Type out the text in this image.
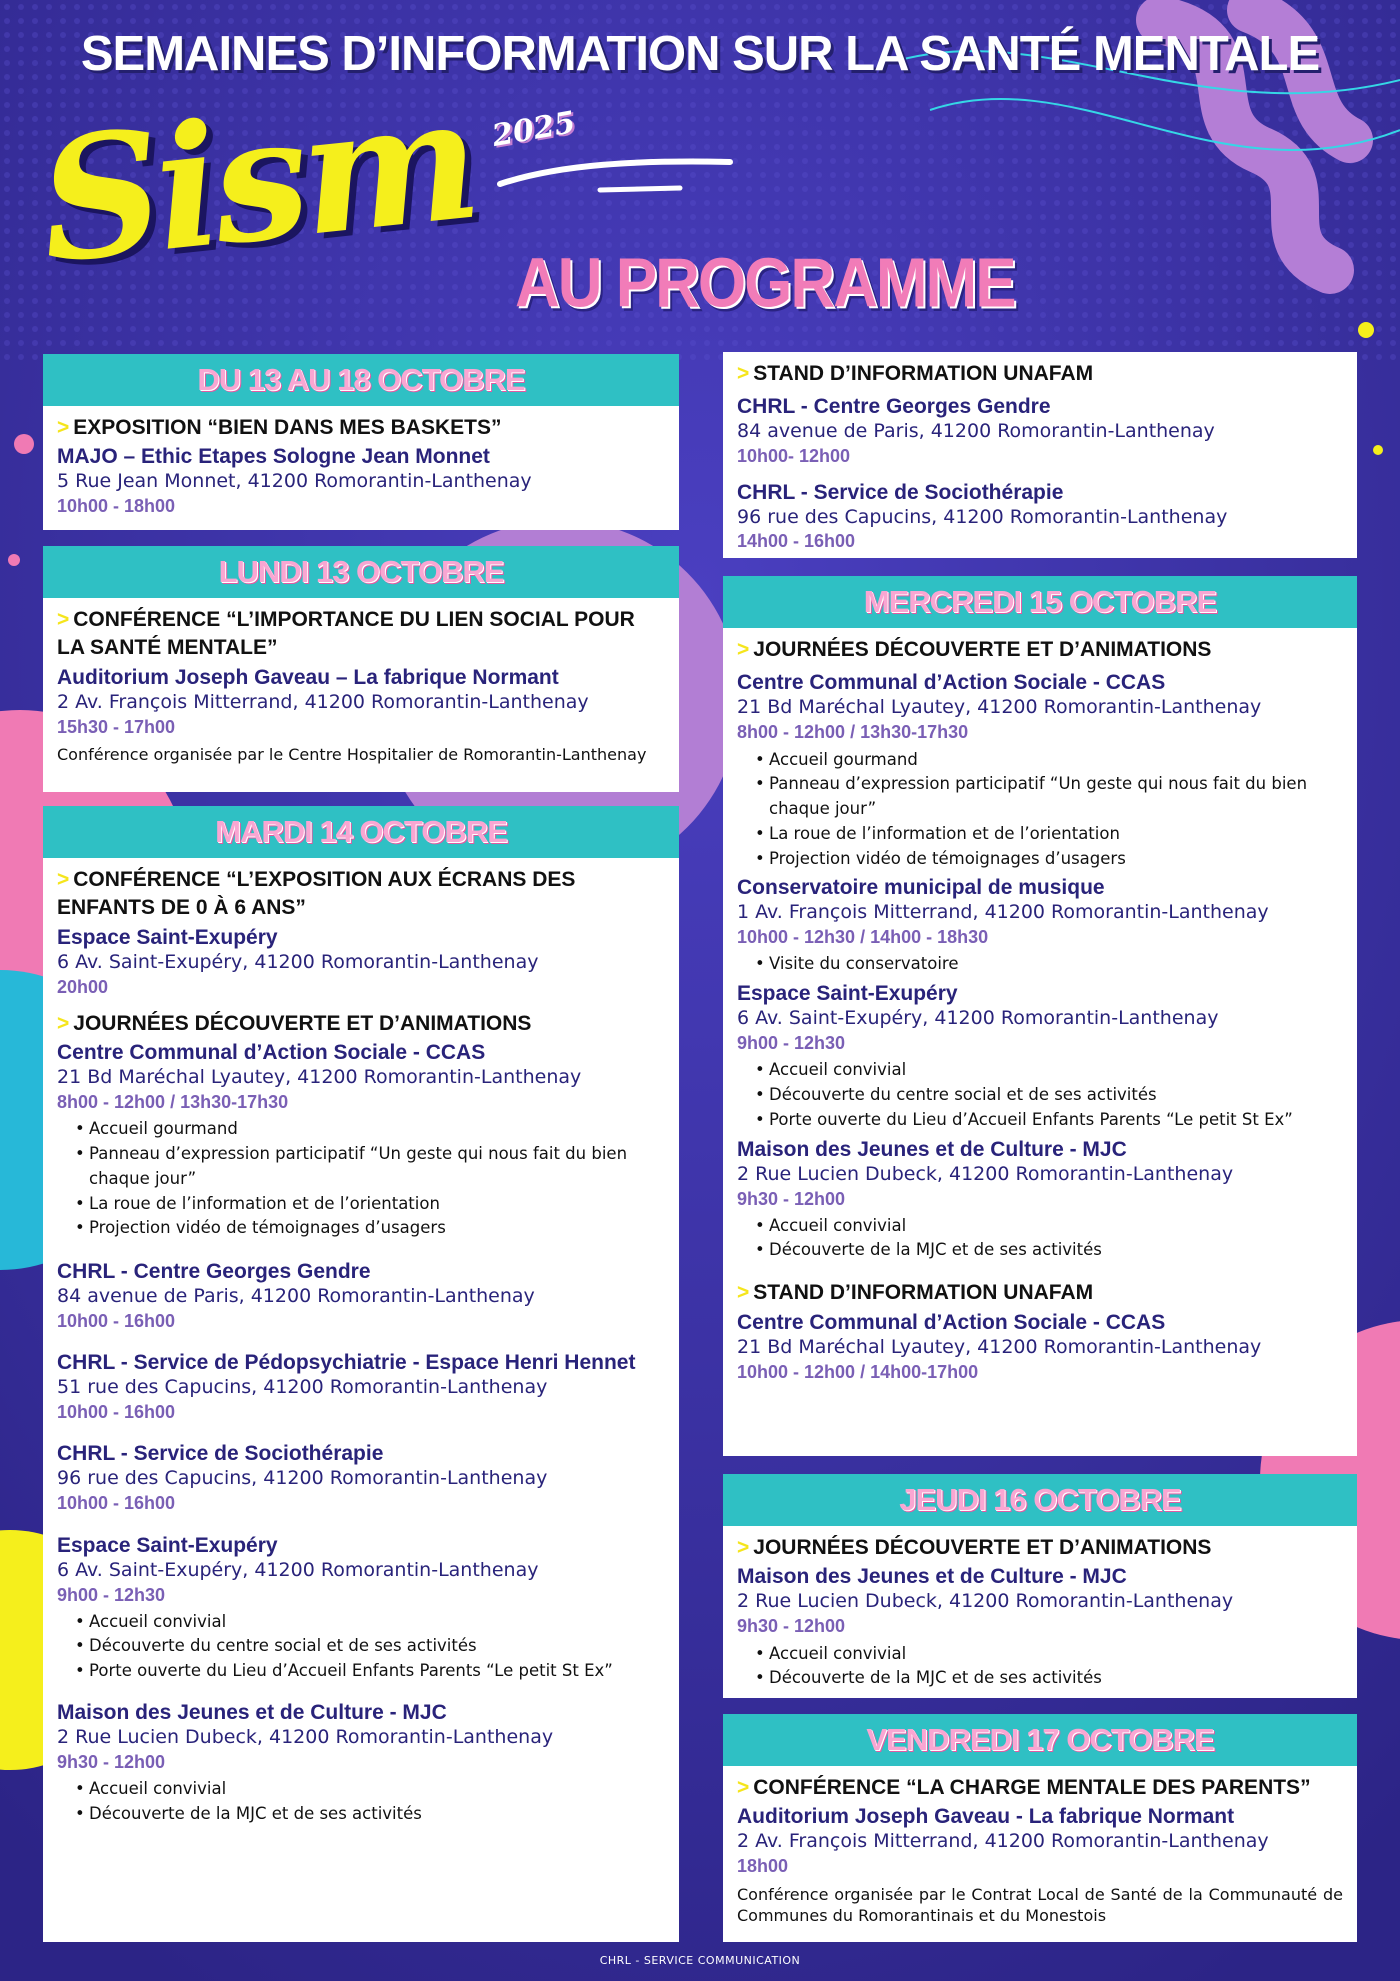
SEMAINES D’INFORMATION SUR LA SANTÉ MENTALE
Sism 2025
AU PROGRAMME
DU 13 AU 18 OCTOBRE
> EXPOSITION “BIEN DANS MES BASKETS”
MAJO – Ethic Etapes Sologne Jean Monnet
5 Rue Jean Monnet, 41200 Romorantin-Lanthenay
10h00 - 18h00
LUNDI 13 OCTOBRE
> CONFÉRENCE “L’IMPORTANCE DU LIEN SOCIAL POUR LA SANTÉ MENTALE”
Auditorium Joseph Gaveau – La fabrique Normant
2 Av. François Mitterrand, 41200 Romorantin-Lanthenay
15h30 - 17h00
Conférence organisée par le Centre Hospitalier de Romorantin-Lanthenay
MARDI 14 OCTOBRE
> CONFÉRENCE “L’EXPOSITION AUX ÉCRANS DES ENFANTS DE 0 À 6 ANS”
Espace Saint-Exupéry
6 Av. Saint-Exupéry, 41200 Romorantin-Lanthenay
20h00
> JOURNÉES DÉCOUVERTE ET D’ANIMATIONS
Centre Communal d’Action Sociale - CCAS
21 Bd Maréchal Lyautey, 41200 Romorantin-Lanthenay
8h00 - 12h00 / 13h30-17h30
• Accueil gourmand
• Panneau d’expression participatif “Un geste qui nous fait du bien chaque jour”
• La roue de l’information et de l’orientation
• Projection vidéo de témoignages d’usagers
CHRL - Centre Georges Gendre
84 avenue de Paris, 41200 Romorantin-Lanthenay
10h00 - 16h00
CHRL - Service de Pédopsychiatrie - Espace Henri Hennet
51 rue des Capucins, 41200 Romorantin-Lanthenay
10h00 - 16h00
CHRL - Service de Sociothérapie
96 rue des Capucins, 41200 Romorantin-Lanthenay
10h00 - 16h00
Espace Saint-Exupéry
6 Av. Saint-Exupéry, 41200 Romorantin-Lanthenay
9h00 - 12h30
• Accueil convivial
• Découverte du centre social et de ses activités
• Porte ouverte du Lieu d’Accueil Enfants Parents “Le petit St Ex”
Maison des Jeunes et de Culture - MJC
2 Rue Lucien Dubeck, 41200 Romorantin-Lanthenay
9h30 - 12h00
• Accueil convivial
• Découverte de la MJC et de ses activités
> STAND D’INFORMATION UNAFAM
CHRL - Centre Georges Gendre
84 avenue de Paris, 41200 Romorantin-Lanthenay
10h00- 12h00
CHRL - Service de Sociothérapie
96 rue des Capucins, 41200 Romorantin-Lanthenay
14h00 - 16h00
MERCREDI 15 OCTOBRE
> JOURNÉES DÉCOUVERTE ET D’ANIMATIONS
Centre Communal d’Action Sociale - CCAS
21 Bd Maréchal Lyautey, 41200 Romorantin-Lanthenay
8h00 - 12h00 / 13h30-17h30
• Accueil gourmand
• Panneau d’expression participatif “Un geste qui nous fait du bien chaque jour”
• La roue de l’information et de l’orientation
• Projection vidéo de témoignages d’usagers
Conservatoire municipal de musique
1 Av. François Mitterrand, 41200 Romorantin-Lanthenay
10h00 - 12h30 / 14h00 - 18h30
• Visite du conservatoire
Espace Saint-Exupéry
6 Av. Saint-Exupéry, 41200 Romorantin-Lanthenay
9h00 - 12h30
• Accueil convivial
• Découverte du centre social et de ses activités
• Porte ouverte du Lieu d’Accueil Enfants Parents “Le petit St Ex”
Maison des Jeunes et de Culture - MJC
2 Rue Lucien Dubeck, 41200 Romorantin-Lanthenay
9h30 - 12h00
• Accueil convivial
• Découverte de la MJC et de ses activités
> STAND D’INFORMATION UNAFAM
Centre Communal d’Action Sociale - CCAS
21 Bd Maréchal Lyautey, 41200 Romorantin-Lanthenay
10h00 - 12h00 / 14h00-17h00
JEUDI 16 OCTOBRE
> JOURNÉES DÉCOUVERTE ET D’ANIMATIONS
Maison des Jeunes et de Culture - MJC
2 Rue Lucien Dubeck, 41200 Romorantin-Lanthenay
9h30 - 12h00
• Accueil convivial
• Découverte de la MJC et de ses activités
VENDREDI 17 OCTOBRE
> CONFÉRENCE “LA CHARGE MENTALE DES PARENTS”
Auditorium Joseph Gaveau - La fabrique Normant
2 Av. François Mitterrand, 41200 Romorantin-Lanthenay
18h00
Conférence organisée par le Contrat Local de Santé de la Communauté de Communes du Romorantinais et du Monestois
CHRL - SERVICE COMMUNICATION
